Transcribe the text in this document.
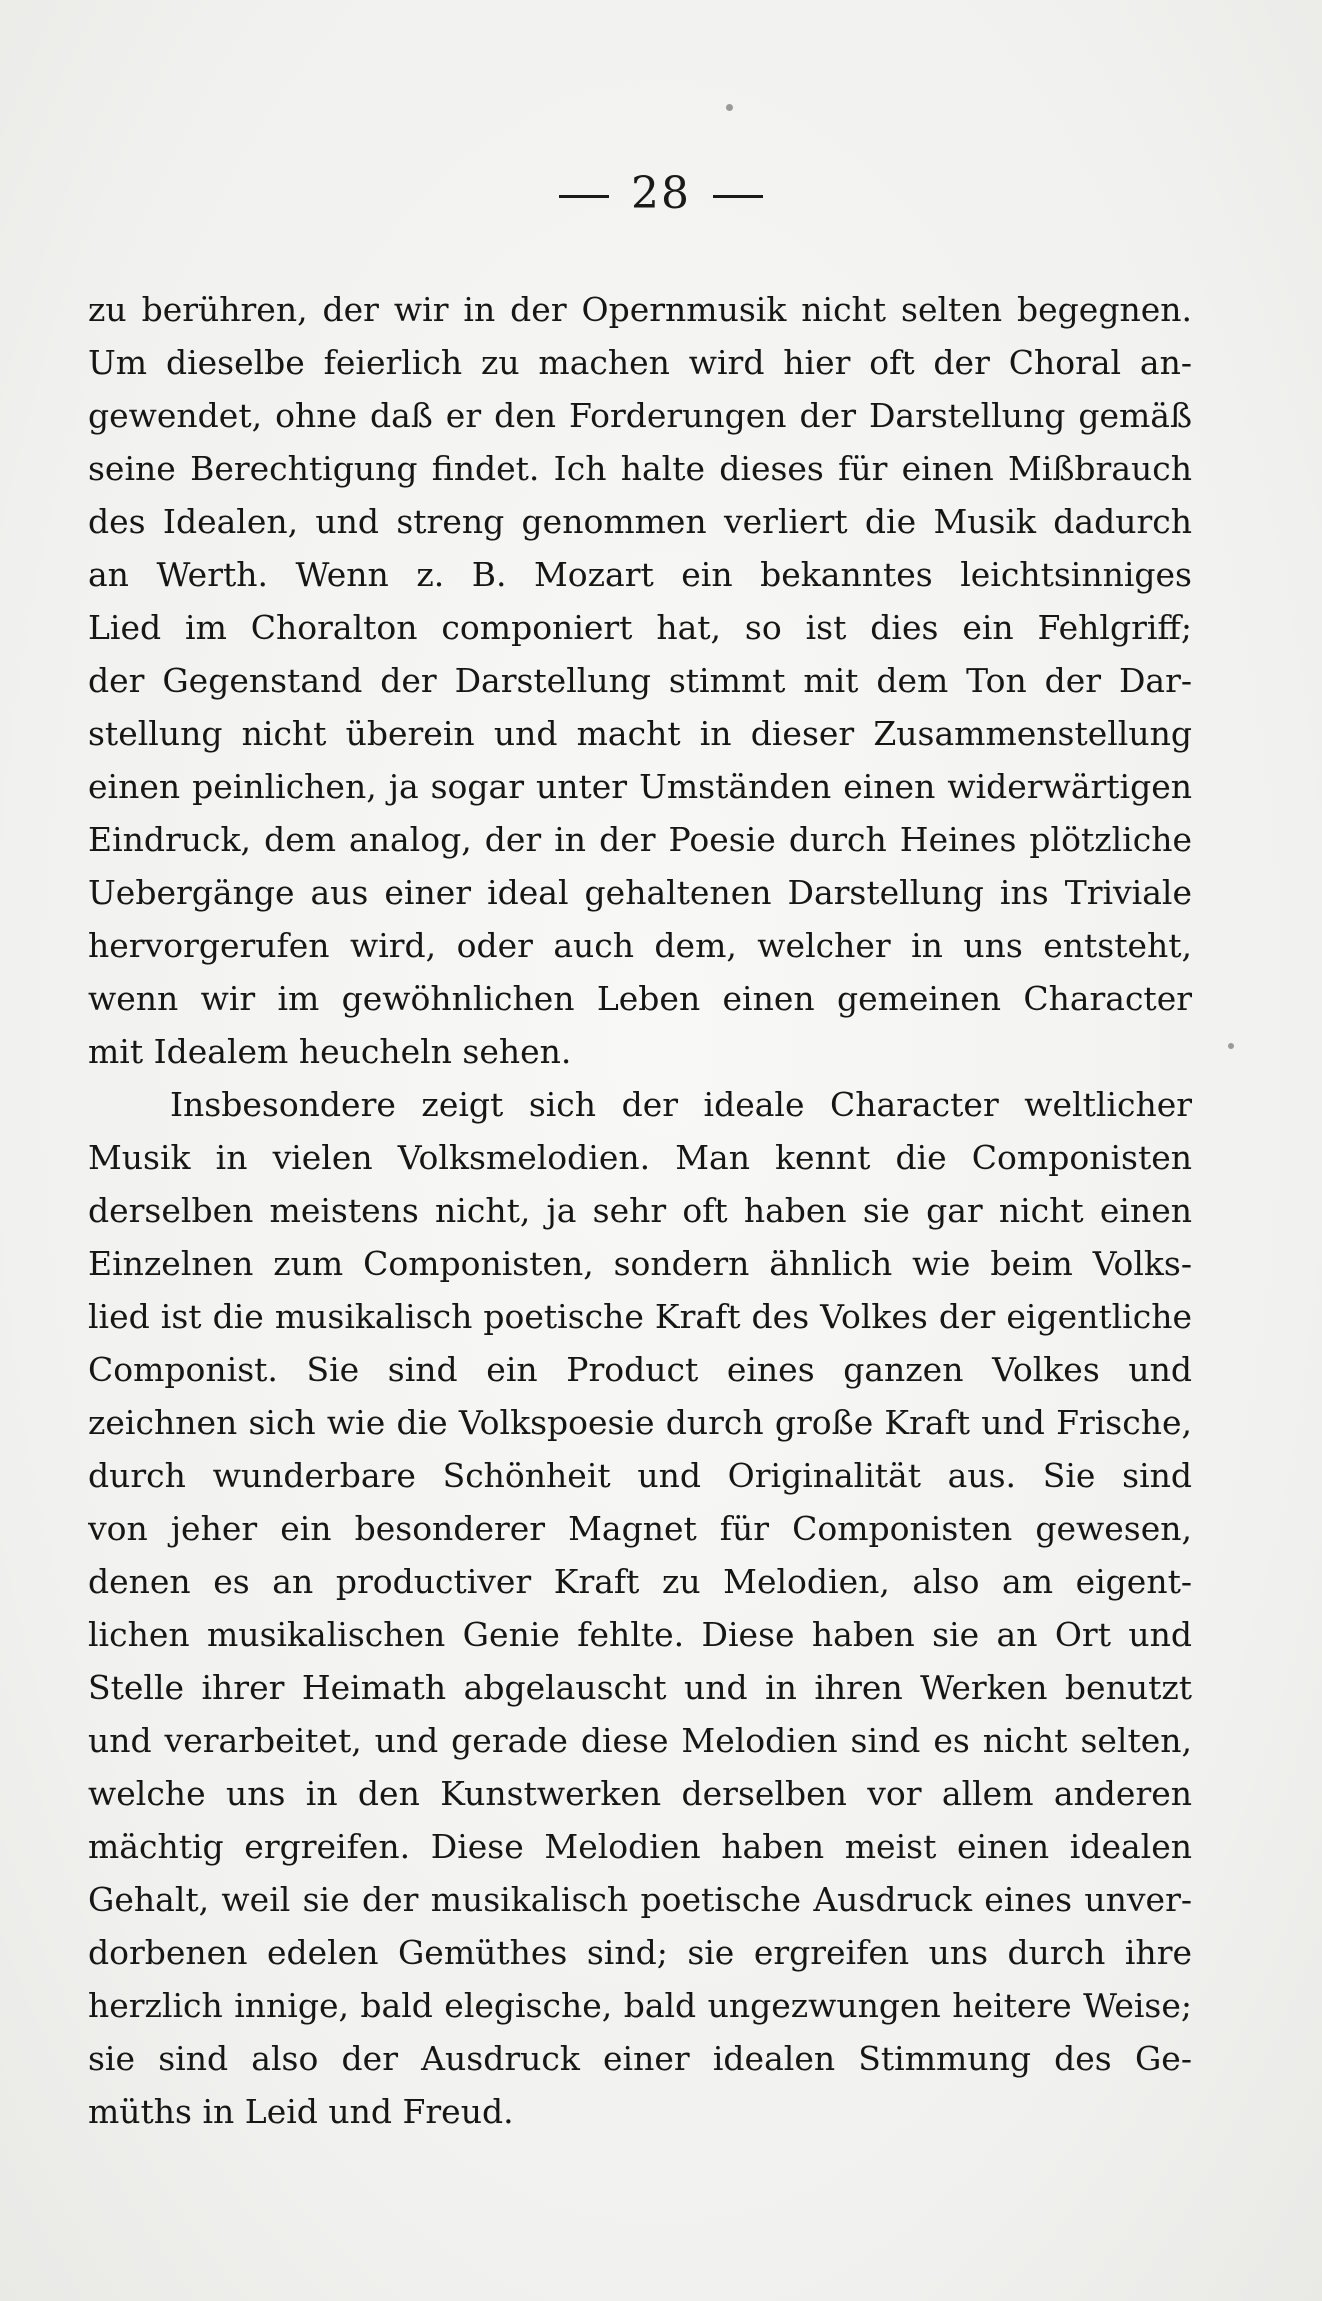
28
zu berühren, der wir in der Opernmusik nicht selten begegnen.
Um dieselbe feierlich zu machen wird hier oft der Choral an-
gewendet, ohne daß er den Forderungen der Darstellung gemäß
seine Berechtigung findet. Ich halte dieses für einen Mißbrauch
des Idealen, und streng genommen verliert die Musik dadurch
an Werth. Wenn z. B. Mozart ein bekanntes leichtsinniges
Lied im Choralton componiert hat, so ist dies ein Fehlgriff;
der Gegenstand der Darstellung stimmt mit dem Ton der Dar-
stellung nicht überein und macht in dieser Zusammenstellung
einen peinlichen, ja sogar unter Umständen einen widerwärtigen
Eindruck, dem analog, der in der Poesie durch Heines plötzliche
Uebergänge aus einer ideal gehaltenen Darstellung ins Triviale
hervorgerufen wird, oder auch dem, welcher in uns entsteht,
wenn wir im gewöhnlichen Leben einen gemeinen Character
mit Idealem heucheln sehen.
Insbesondere zeigt sich der ideale Character weltlicher
Musik in vielen Volksmelodien. Man kennt die Componisten
derselben meistens nicht, ja sehr oft haben sie gar nicht einen
Einzelnen zum Componisten, sondern ähnlich wie beim Volks-
lied ist die musikalisch poetische Kraft des Volkes der eigentliche
Componist. Sie sind ein Product eines ganzen Volkes und
zeichnen sich wie die Volkspoesie durch große Kraft und Frische,
durch wunderbare Schönheit und Originalität aus. Sie sind
von jeher ein besonderer Magnet für Componisten gewesen,
denen es an productiver Kraft zu Melodien, also am eigent-
lichen musikalischen Genie fehlte. Diese haben sie an Ort und
Stelle ihrer Heimath abgelauscht und in ihren Werken benutzt
und verarbeitet, und gerade diese Melodien sind es nicht selten,
welche uns in den Kunstwerken derselben vor allem anderen
mächtig ergreifen. Diese Melodien haben meist einen idealen
Gehalt, weil sie der musikalisch poetische Ausdruck eines unver-
dorbenen edelen Gemüthes sind; sie ergreifen uns durch ihre
herzlich innige, bald elegische, bald ungezwungen heitere Weise;
sie sind also der Ausdruck einer idealen Stimmung des Ge-
müths in Leid und Freud.
